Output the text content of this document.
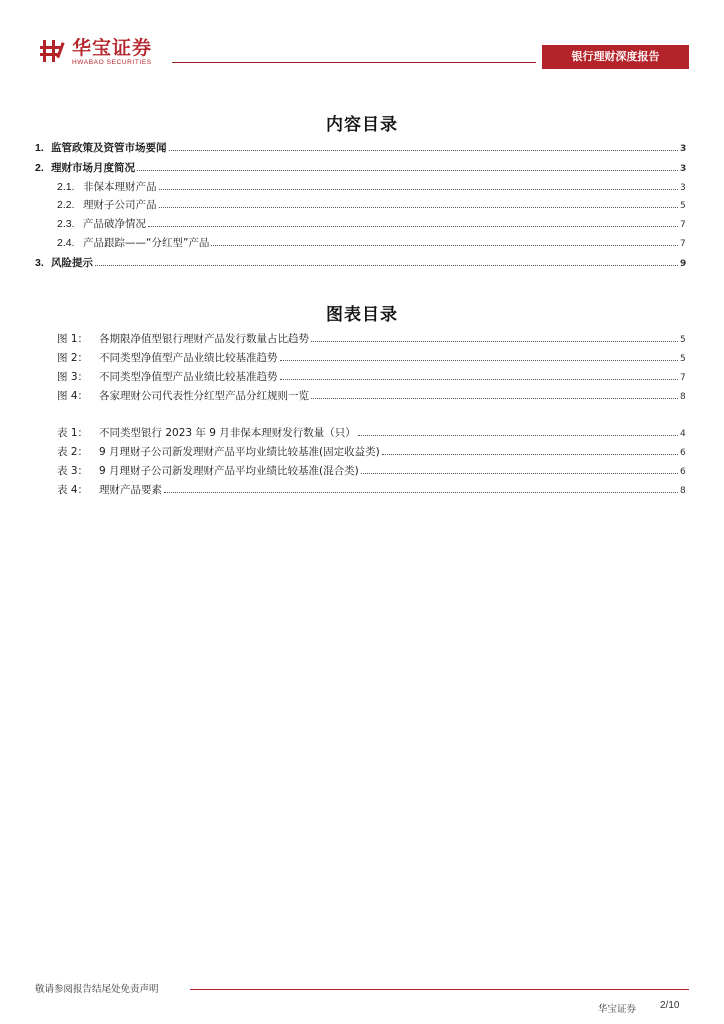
华宝证券
HWABAO SECURITIES	银行理财深度报告
内容目录
1. 监管政策及资管市场要闻	3
2. 理财市场月度简况	3
2.1. 非保本理财产品	3
2.2. 理财子公司产品	5
2.3. 产品破净情况	7
2.4. 产品跟踪——“分红型”产品	7
3. 风险提示	9
图表目录
图 1：	各期限净值型银行理财产品发行数量占比趋势	5
图 2：	不同类型净值型产品业绩比较基准趋势	5
图 3：	不同类型净值型产品业绩比较基准趋势	7
图 4：	各家理财公司代表性分红型产品分红规则一览	8
表 1：	不同类型银行 2023 年 9 月非保本理财发行数量（只）	4
表 2：	9 月理财子公司新发理财产品平均业绩比较基准(固定收益类)	6
表 3：	9 月理财子公司新发理财产品平均业绩比较基准(混合类)	6
表 4：	理财产品要素	8
敬请参阅报告结尾处免责声明
华宝证券 2/10
